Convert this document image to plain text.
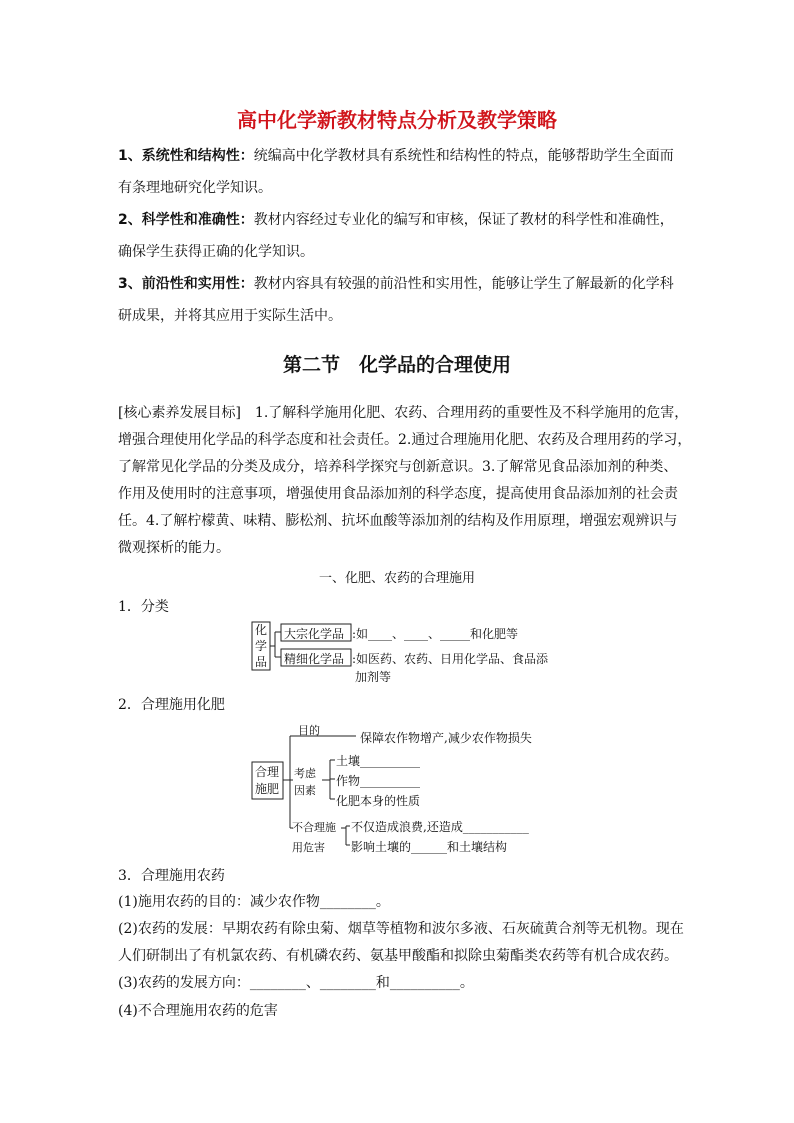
高中化学新教材特点分析及教学策略
1、系统性和结构性：统编高中化学教材具有系统性和结构性的特点，能够帮助学生全面而
有条理地研究化学知识。
2、科学性和准确性：教材内容经过专业化的编写和审核，保证了教材的科学性和准确性，
确保学生获得正确的化学知识。
3、前沿性和实用性：教材内容具有较强的前沿性和实用性，能够让学生了解最新的化学科
研成果，并将其应用于实际生活中。
第二节　化学品的合理使用
[核心素养发展目标]　1.了解科学施用化肥、农药、合理用药的重要性及不科学施用的危害，
增强合理使用化学品的科学态度和社会责任。2.通过合理施用化肥、农药及合理用药的学习，
了解常见化学品的分类及成分，培养科学探究与创新意识。3.了解常见食品添加剂的种类、
作用及使用时的注意事项，增强使用食品添加剂的科学态度，提高使用食品添加剂的社会责
任。4.了解柠檬黄、味精、膨松剂、抗坏血酸等添加剂的结构及作用原理，增强宏观辨识与
微观探析的能力。
一、化肥、农药的合理施用
1．分类
化
学
品
大宗化学品 :如____、____、_____和化肥等
精细化学品 :如医药、农药、日用化学品、食品添
加剂等
2．合理施用化肥
合理
施肥
目的
保障农作物增产,减少农作物损失
考虑
因素
土壤__________
作物__________
化肥本身的性质
不合理施
用危害
不仅造成浪费,还造成___________
影响土壤的______和土壤结构
3．合理施用农药
(1)施用农药的目的：减少农作物________。
(2)农药的发展：早期农药有除虫菊、烟草等植物和波尔多液、石灰硫黄合剂等无机物。现在
人们研制出了有机氯农药、有机磷农药、氨基甲酸酯和拟除虫菊酯类农药等有机合成农药。
(3)农药的发展方向：________、________和__________。
(4)不合理施用农药的危害
